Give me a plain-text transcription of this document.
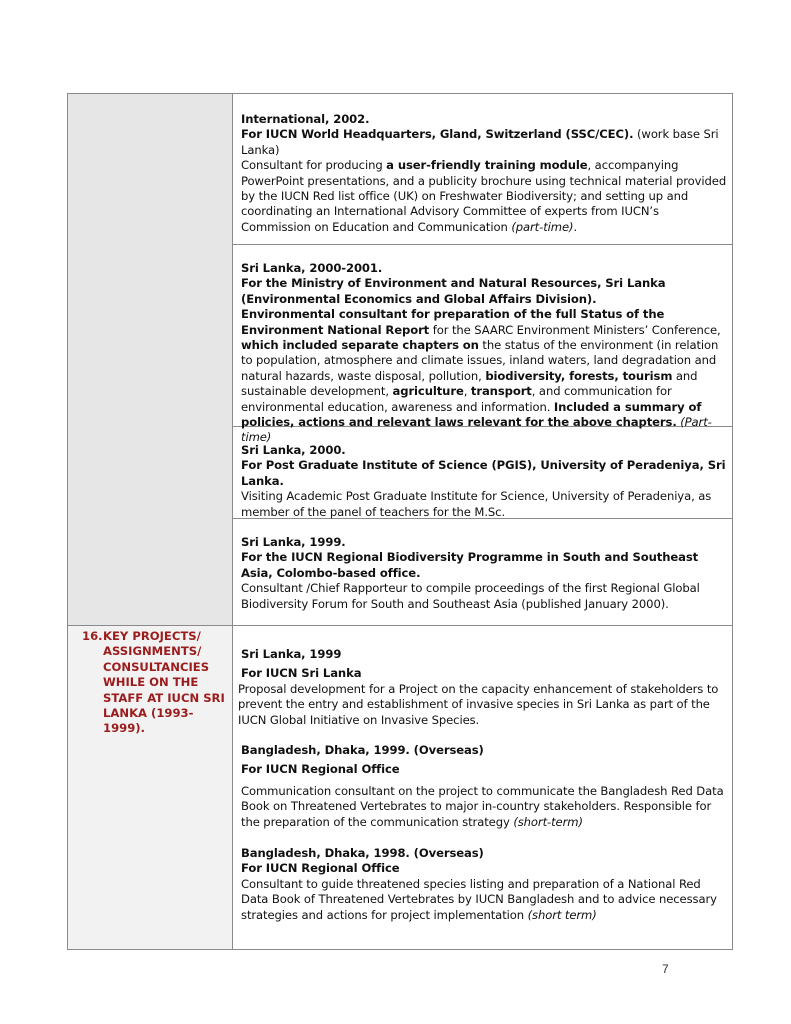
International, 2002.

For IUCN World Headquarters, Gland, Switzerland (SSC/CEC). (work base Sri Lanka)

Consultant for producing a user-friendly training module, accompanying PowerPoint presentations, and a publicity brochure using technical material provided by the IUCN Red list office (UK) on Freshwater Biodiversity; and setting up and coordinating an International Advisory Committee of experts from IUCN’s Commission on Education and Communication (part-time).

Sri Lanka, 2000-2001.

For the Ministry of Environment and Natural Resources, Sri Lanka

(Environmental Economics and Global Affairs Division).

Environmental consultant for preparation of the full Status of the Environment National Report for the SAARC Environment Ministers’ Conference, which included separate chapters on the status of the environment (in relation to population, atmosphere and climate issues, inland waters, land degradation and natural hazards, waste disposal, pollution, biodiversity, forests, tourism and sustainable development, agriculture, transport, and communication for environmental education, awareness and information. Included a summary of policies, actions and relevant laws relevant for the above chapters. (Part-time)

Sri Lanka, 2000.

For Post Graduate Institute of Science (PGIS), University of Peradeniya, Sri Lanka.

Visiting Academic Post Graduate Institute for Science, University of Peradeniya, as member of the panel of teachers for the M.Sc.

Sri Lanka, 1999.

For the IUCN Regional Biodiversity Programme in South and Southeast Asia, Colombo-based office.

Consultant /Chief Rapporteur to compile proceedings of the first Regional Global Biodiversity Forum for South and Southeast Asia (published January 2000).

16.KEY PROJECTS/
ASSIGNMENTS/
CONSULTANCIES
WHILE ON THE
STAFF AT IUCN SRI
LANKA (1993-1999).

Sri Lanka, 1999

For IUCN Sri Lanka

Proposal development for a Project on the capacity enhancement of stakeholders to prevent the entry and establishment of invasive species in Sri Lanka as part of the IUCN Global Initiative on Invasive Species.

Bangladesh, Dhaka, 1999. (Overseas)

For IUCN Regional Office

Communication consultant on the project to communicate the Bangladesh Red Data Book on Threatened Vertebrates to major in-country stakeholders. Responsible for the preparation of the communication strategy (short-term)

Bangladesh, Dhaka, 1998. (Overseas)

For IUCN Regional Office

Consultant to guide threatened species listing and preparation of a National Red Data Book of Threatened Vertebrates by IUCN Bangladesh and to advice necessary strategies and actions for project implementation (short term)

7
